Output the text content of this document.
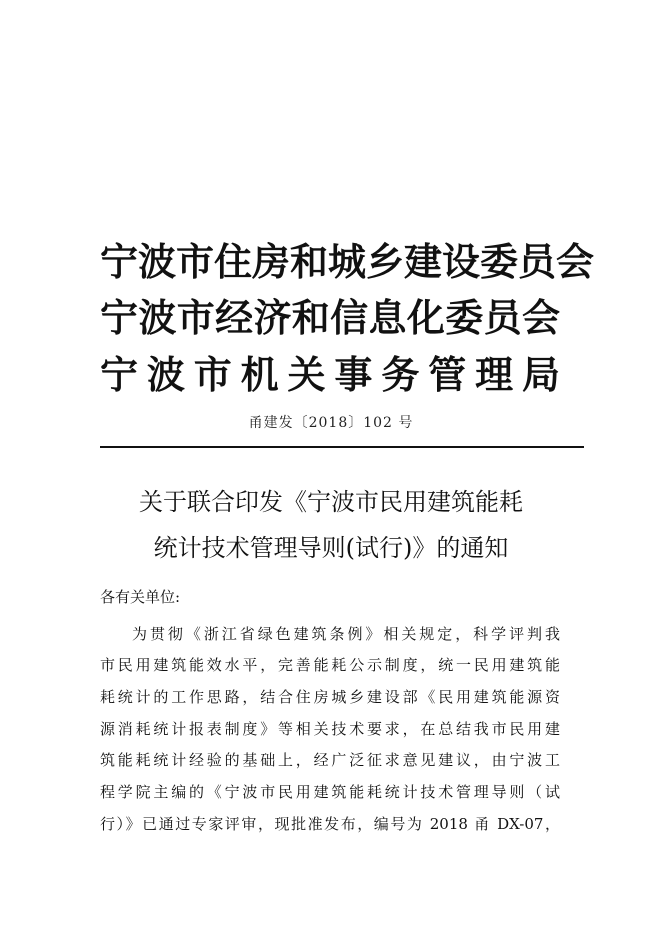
宁波市住房和城乡建设委员会
宁波市经济和信息化委员会
宁波市机关事务管理局
甬建发〔2018〕102 号
关于联合印发《宁波市民用建筑能耗
统计技术管理导则(试行)》的通知
各有关单位:
为贯彻《浙江省绿色建筑条例》相关规定，科学评判我
市民用建筑能效水平，完善能耗公示制度，统一民用建筑能
耗统计的工作思路，结合住房城乡建设部《民用建筑能源资
源消耗统计报表制度》等相关技术要求，在总结我市民用建
筑能耗统计经验的基础上，经广泛征求意见建议，由宁波工
程学院主编的《宁波市民用建筑能耗统计技术管理导则（试
行）》已通过专家评审，现批准发布，编号为 2018 甬 DX-07，
